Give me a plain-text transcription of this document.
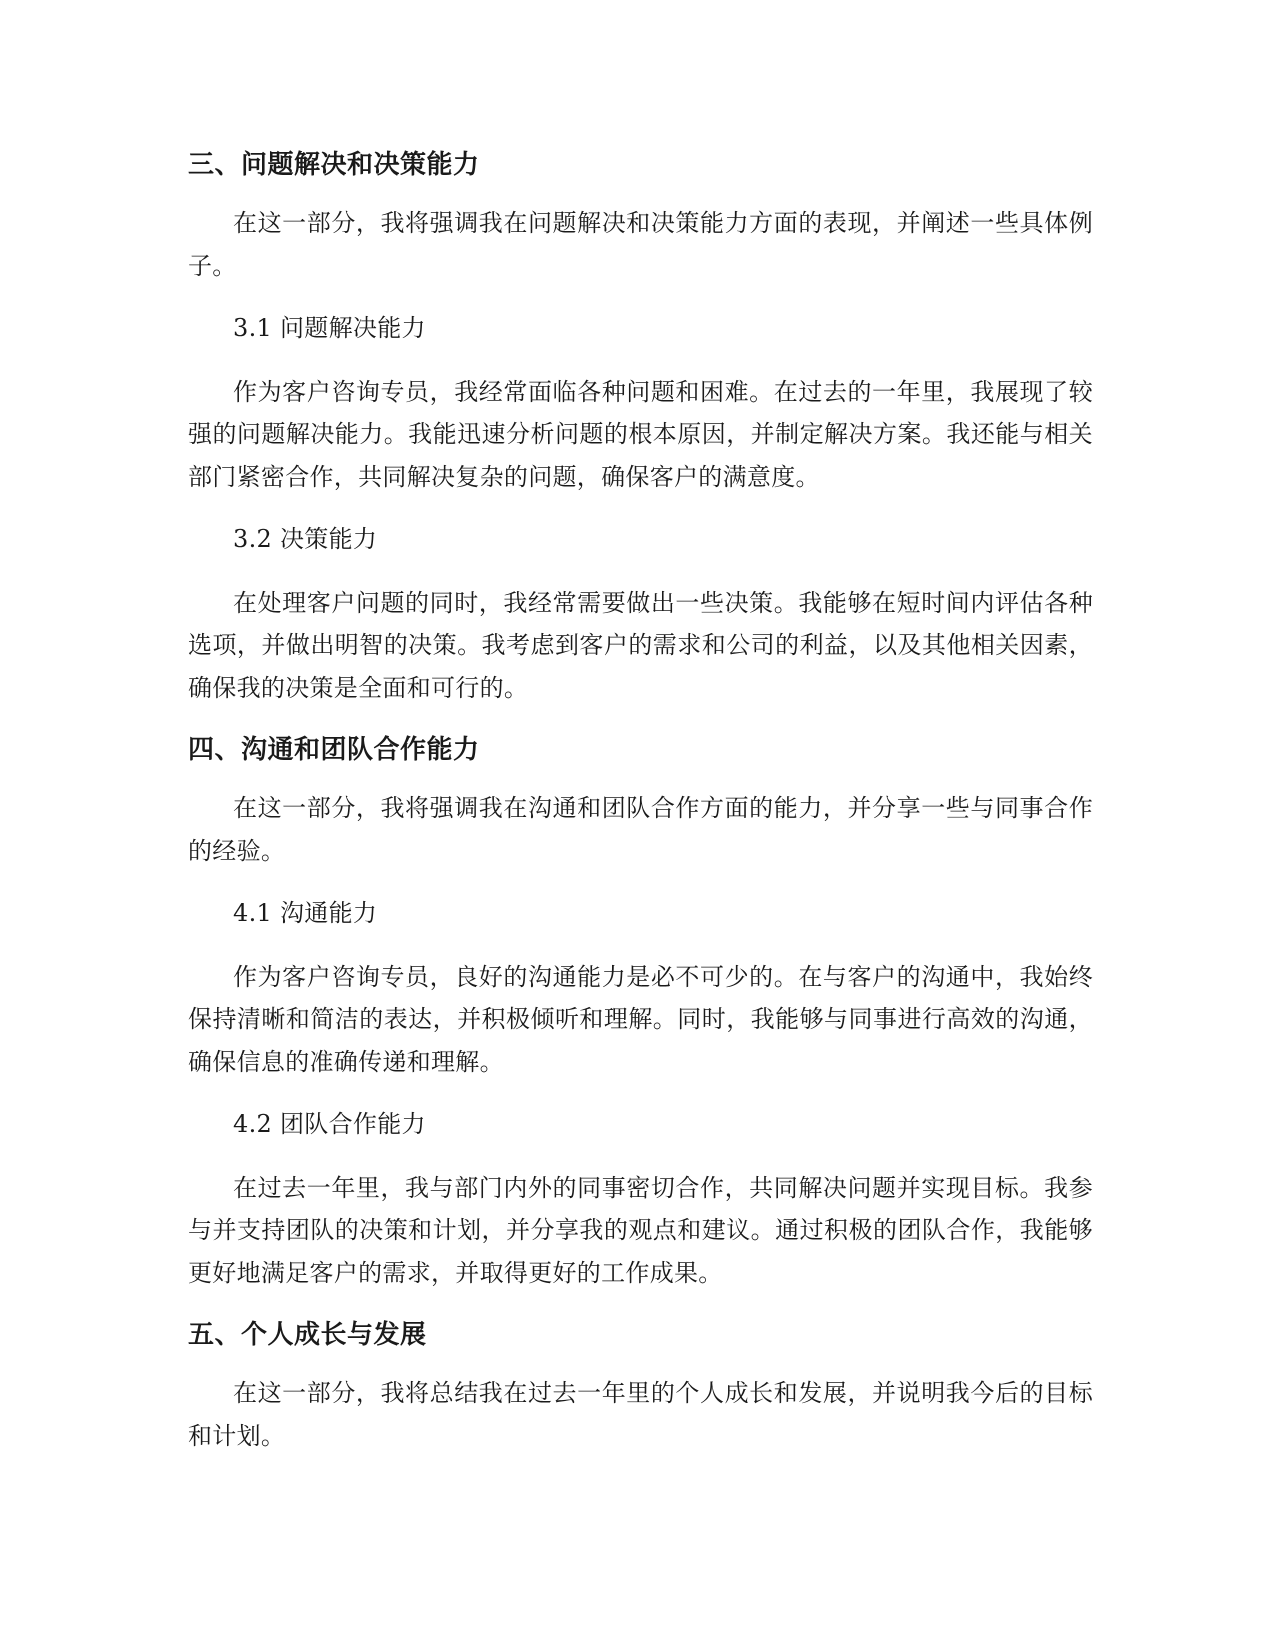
三、问题解决和决策能力

在这一部分，我将强调我在问题解决和决策能力方面的表现，并阐述一些具体例子。

3.1 问题解决能力

作为客户咨询专员，我经常面临各种问题和困难。在过去的一年里，我展现了较强的问题解决能力。我能迅速分析问题的根本原因，并制定解决方案。我还能与相关部门紧密合作，共同解决复杂的问题，确保客户的满意度。

3.2 决策能力

在处理客户问题的同时，我经常需要做出一些决策。我能够在短时间内评估各种选项，并做出明智的决策。我考虑到客户的需求和公司的利益，以及其他相关因素，确保我的决策是全面和可行的。

四、沟通和团队合作能力

在这一部分，我将强调我在沟通和团队合作方面的能力，并分享一些与同事合作的经验。

4.1 沟通能力

作为客户咨询专员，良好的沟通能力是必不可少的。在与客户的沟通中，我始终保持清晰和简洁的表达，并积极倾听和理解。同时，我能够与同事进行高效的沟通，确保信息的准确传递和理解。

4.2 团队合作能力

在过去一年里，我与部门内外的同事密切合作，共同解决问题并实现目标。我参与并支持团队的决策和计划，并分享我的观点和建议。通过积极的团队合作，我能够更好地满足客户的需求，并取得更好的工作成果。

五、个人成长与发展

在这一部分，我将总结我在过去一年里的个人成长和发展，并说明我今后的目标和计划。
